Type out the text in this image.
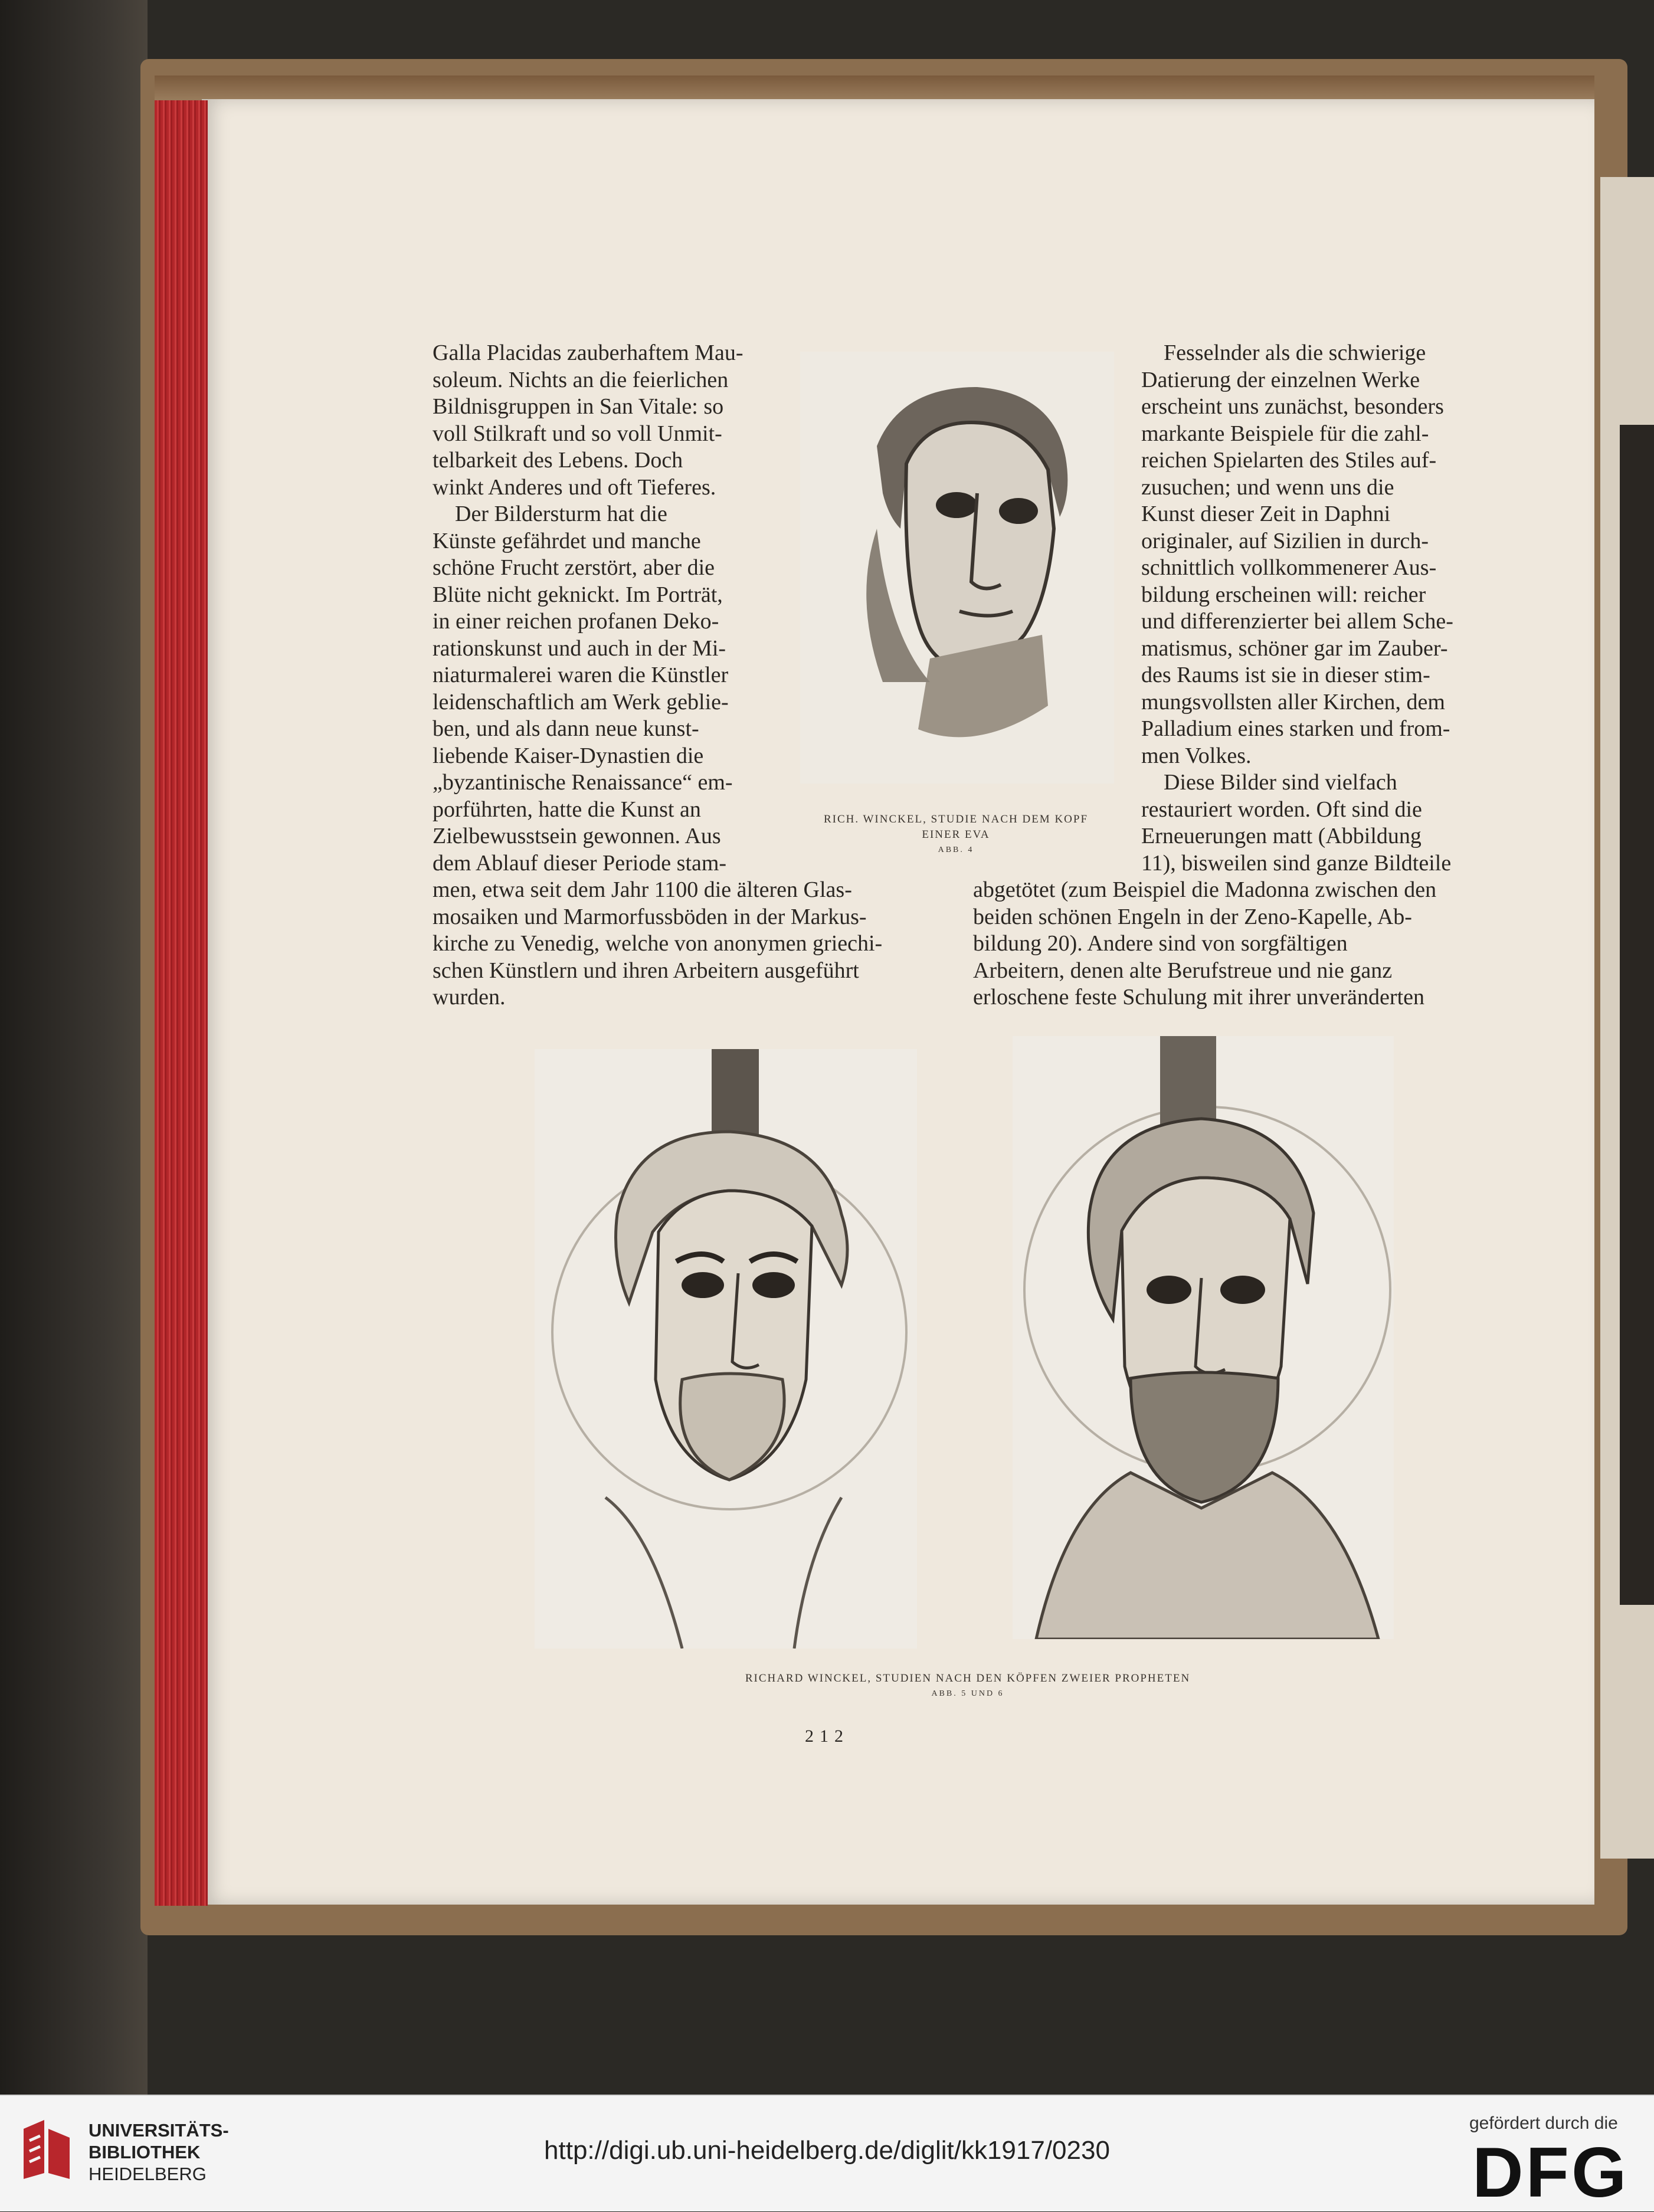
Galla Placidas zauberhaftem Mau-
soleum. Nichts an die feierlichen
Bildnisgruppen in San Vitale: so
voll Stilkraft und so voll Unmit-
telbarkeit des Lebens. Doch
winkt Anderes und oft Tieferes.
Der Bildersturm hat die
Künste gefährdet und manche
schöne Frucht zerstört, aber die
Blüte nicht geknickt. Im Porträt,
in einer reichen profanen Deko-
rationskunst und auch in der Mi-
niaturmalerei waren die Künstler
leidenschaftlich am Werk geblie-
ben, und als dann neue kunst-
liebende Kaiser-Dynastien die
„byzantinische Renaissance“ em-
porführten, hatte die Kunst an
Zielbewusstsein gewonnen. Aus
dem Ablauf dieser Periode stam-
men, etwa seit dem Jahr 1100 die älteren Glas-
mosaiken und Marmorfussböden in der Markus-
kirche zu Venedig, welche von anonymen griechi-
schen Künstlern und ihren Arbeitern ausgeführt
wurden.
Fesselnder als die schwierige
Datierung der einzelnen Werke
erscheint uns zunächst, besonders
markante Beispiele für die zahl-
reichen Spielarten des Stiles auf-
zusuchen; und wenn uns die
Kunst dieser Zeit in Daphni
originaler, auf Sizilien in durch-
schnittlich vollkommenerer Aus-
bildung erscheinen will: reicher
und differenzierter bei allem Sche-
matismus, schöner gar im Zauber-
des Raums ist sie in dieser stim-
mungsvollsten aller Kirchen, dem
Palladium eines starken und from-
men Volkes.
Diese Bilder sind vielfach
restauriert worden. Oft sind die
Erneuerungen matt (Abbildung
11), bisweilen sind ganze Bildteile
abgetötet (zum Beispiel die Madonna zwischen den
beiden schönen Engeln in der Zeno-Kapelle, Ab-
bildung 20). Andere sind von sorgfältigen
Arbeitern, denen alte Berufstreue und nie ganz
erloschene feste Schulung mit ihrer unveränderten
RICH. WINCKEL, STUDIE NACH DEM KOPF
EINER EVA
ABB. 4
RICHARD WINCKEL, STUDIEN NACH DEN KÖPFEN ZWEIER PROPHETEN
ABB. 5 UND 6
212
UNIVERSITÄTS-
BIBLIOTHEK
HEIDELBERG
http://digi.ub.uni-heidelberg.de/diglit/kk1917/0230
gefördert durch die
DFG
